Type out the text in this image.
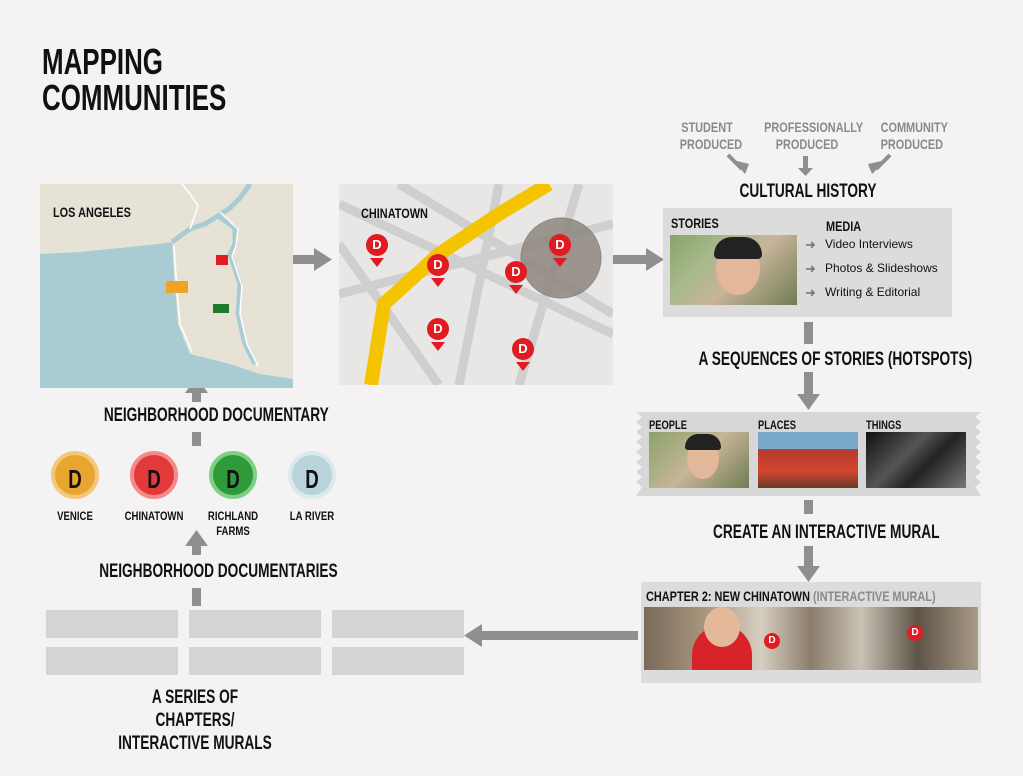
MAPPING
COMMUNITIES
LOS ANGELES
D
D	D
D
D
D
CHINATOWN
STUDENT
PRODUCED
PROFESSIONALLY
PRODUCED
COMMUNITY
PRODUCED
CULTURAL HISTORY
STORIES	MEDIA
➜ Video Interviews
➜ Photos & Slideshows
➜ Writing & Editorial
A SEQUENCES OF STORIES (HOTSPOTS)
PEOPLE	PLACES	THINGS
CREATE AN INTERACTIVE MURAL
CHAPTER 2: NEW CHINATOWN (INTERACTIVE MURAL)
D
D
A SERIES OF CHAPTERS/
INTERACTIVE MURALS
NEIGHBORHOOD DOCUMENTARIES
D	D	D	D
VENICE	CHINATOWN	RICHLAND
FARMS
LA RIVER
NEIGHBORHOOD DOCUMENTARY
